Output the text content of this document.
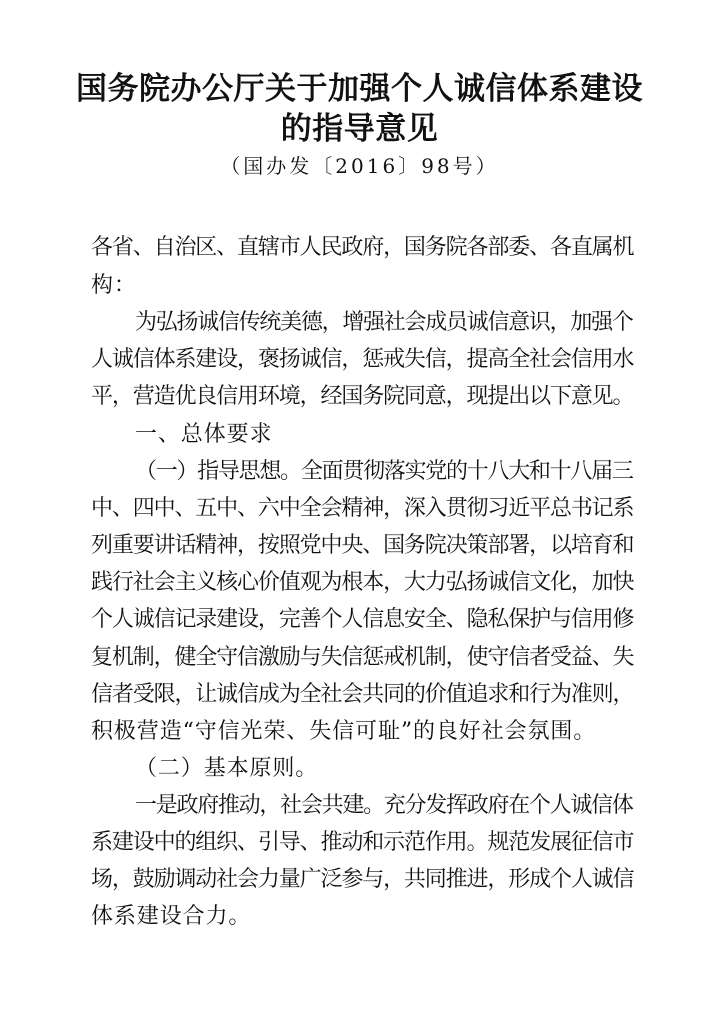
国务院办公厅关于加强个人诚信体系建设
的指导意见
（国办发〔2016〕98号）
各省、自治区、直辖市人民政府，国务院各部委、各直属机
构：
为弘扬诚信传统美德，增强社会成员诚信意识，加强个
人诚信体系建设，褒扬诚信，惩戒失信，提高全社会信用水
平，营造优良信用环境，经国务院同意，现提出以下意见。
一、总体要求
（一）指导思想。全面贯彻落实党的十八大和十八届三
中、四中、五中、六中全会精神，深入贯彻习近平总书记系
列重要讲话精神，按照党中央、国务院决策部署，以培育和
践行社会主义核心价值观为根本，大力弘扬诚信文化，加快
个人诚信记录建设，完善个人信息安全、隐私保护与信用修
复机制，健全守信激励与失信惩戒机制，使守信者受益、失
信者受限，让诚信成为全社会共同的价值追求和行为准则，
积极营造“守信光荣、失信可耻”的良好社会氛围。
（二）基本原则。
一是政府推动，社会共建。充分发挥政府在个人诚信体
系建设中的组织、引导、推动和示范作用。规范发展征信市
场，鼓励调动社会力量广泛参与，共同推进，形成个人诚信
体系建设合力。
